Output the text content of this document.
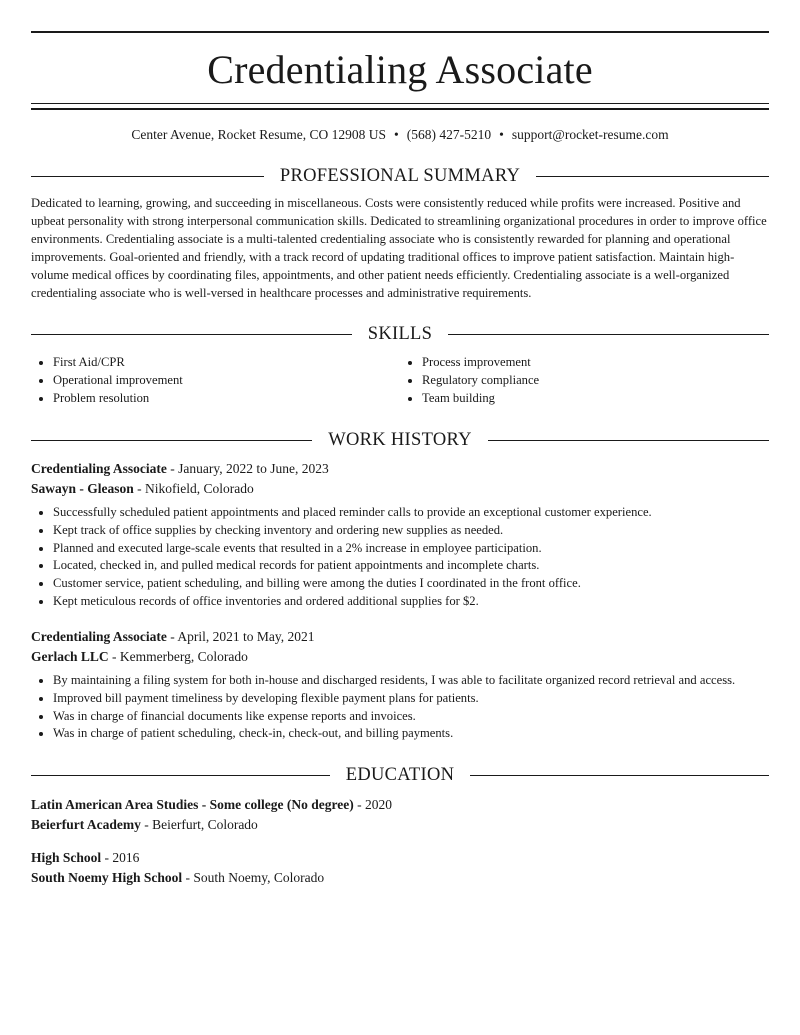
Credentialing Associate
Center Avenue, Rocket Resume, CO 12908 US • (568) 427-5210 • support@rocket-resume.com
PROFESSIONAL SUMMARY
Dedicated to learning, growing, and succeeding in miscellaneous. Costs were consistently reduced while profits were increased. Positive and upbeat personality with strong interpersonal communication skills. Dedicated to streamlining organizational procedures in order to improve office environments. Credentialing associate is a multi-talented credentialing associate who is consistently rewarded for planning and operational improvements. Goal-oriented and friendly, with a track record of updating traditional offices to improve patient satisfaction. Maintain high-volume medical offices by coordinating files, appointments, and other patient needs efficiently. Credentialing associate is a well-organized credentialing associate who is well-versed in healthcare processes and administrative requirements.
SKILLS
• First Aid/CPR
• Operational improvement
• Problem resolution
• Process improvement
• Regulatory compliance
• Team building
WORK HISTORY
Credentialing Associate - January, 2022 to June, 2023
Sawayn - Gleason - Nikofield, Colorado
• Successfully scheduled patient appointments and placed reminder calls to provide an exceptional customer experience.
• Kept track of office supplies by checking inventory and ordering new supplies as needed.
• Planned and executed large-scale events that resulted in a 2% increase in employee participation.
• Located, checked in, and pulled medical records for patient appointments and incomplete charts.
• Customer service, patient scheduling, and billing were among the duties I coordinated in the front office.
• Kept meticulous records of office inventories and ordered additional supplies for $2.
Credentialing Associate - April, 2021 to May, 2021
Gerlach LLC - Kemmerberg, Colorado
• By maintaining a filing system for both in-house and discharged residents, I was able to facilitate organized record retrieval and access.
• Improved bill payment timeliness by developing flexible payment plans for patients.
• Was in charge of financial documents like expense reports and invoices.
• Was in charge of patient scheduling, check-in, check-out, and billing payments.
EDUCATION
Latin American Area Studies - Some college (No degree) - 2020
Beierfurt Academy - Beierfurt, Colorado
High School - 2016
South Noemy High School - South Noemy, Colorado
